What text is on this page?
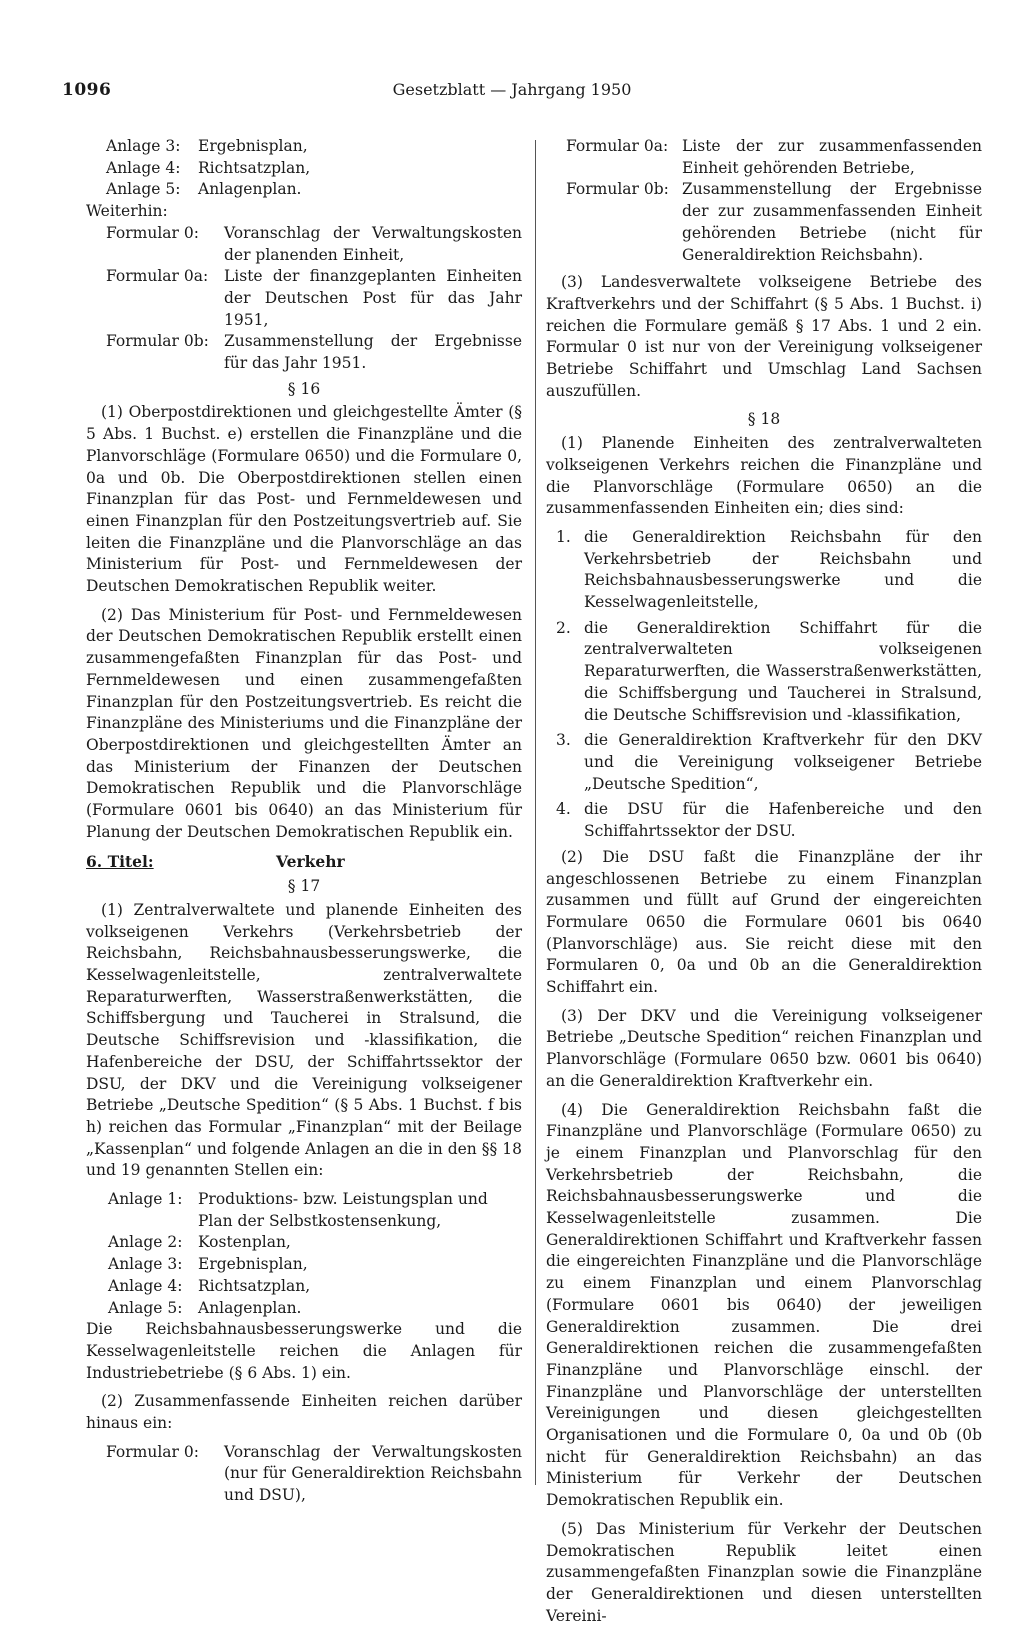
1096	Gesetzblatt — Jahrgang 1950
Anlage 3:	Ergebnisplan,
Anlage 4:	Richtsatzplan,
Anlage 5:	Anlagenplan.
Weiterhin:
Formular 0:	Voranschlag der Verwaltungskosten der planenden Einheit,
Formular 0a:	Liste der finanzgeplanten Einheiten der Deutschen Post für das Jahr 1951,
Formular 0b: Zusammenstellung der Ergebnisse für das Jahr 1951.
§ 16

(1) Oberpostdirektionen und gleichgestellte Ämter (§ 5 Abs. 1 Buchst. e) erstellen die Finanzpläne und die Planvorschläge (Formulare 0650) und die Formulare 0, 0a und 0b. Die Oberpostdirektionen stellen einen Finanzplan für das Post- und Fernmeldewesen und einen Finanzplan für den Postzeitungsvertrieb auf. Sie leiten die Finanzpläne und die Planvorschläge an das Ministerium für Post- und Fernmeldewesen der Deutschen Demokratischen Republik weiter.

(2) Das Ministerium für Post- und Fernmeldewesen der Deutschen Demokratischen Republik erstellt einen zusammengefaßten Finanzplan für das Post- und Fernmeldewesen und einen zusammengefaßten Finanzplan für den Postzeitungsvertrieb. Es reicht die Finanzpläne des Ministeriums und die Finanzpläne der Oberpostdirektionen und gleichgestellten Ämter an das Ministerium der Finanzen der Deutschen Demokratischen Republik und die Planvorschläge (Formulare 0601 bis 0640) an das Ministerium für Planung der Deutschen Demokratischen Republik ein.

6. Titel:	Verkehr
§ 17

(1) Zentralverwaltete und planende Einheiten des volkseigenen Verkehrs (Verkehrsbetrieb der Reichsbahn, Reichsbahnausbesserungswerke, die Kesselwagenleitstelle, zentralverwaltete Reparaturwerften, Wasserstraßenwerkstätten, die Schiffsbergung und Taucherei in Stralsund, die Deutsche Schiffsrevision und -klassifikation, die Hafenbereiche der DSU, der Schiffahrtssektor der DSU, der DKV und die Vereinigung volkseigener Betriebe „Deutsche Spedition“ (§ 5 Abs. 1 Buchst. f bis h) reichen das Formular „Finanzplan“ mit der Beilage „Kassenplan“ und folgende Anlagen an die in den §§ 18 und 19 genannten Stellen ein:

Anlage 1:	Produktions- bzw. Leistungsplan und Plan der Selbstkostensenkung,
Anlage 2:	Kostenplan,
Anlage 3:	Ergebnisplan,
Anlage 4:	Richtsatzplan,
Anlage 5:	Anlagenplan.

Die Reichsbahnausbesserungswerke und die Kesselwagenleitstelle reichen die Anlagen für Industriebetriebe (§ 6 Abs. 1) ein.

(2) Zusammenfassende Einheiten reichen darüber hinaus ein:

Formular 0:	Voranschlag der Verwaltungskosten (nur für Generaldirektion Reichsbahn und DSU),
Formular 0a: Liste der zur zusammenfassenden Einheit gehörenden Betriebe,
Formular 0b: Zusammenstellung der Ergebnisse der zur zusammenfassenden Einheit gehörenden Betriebe (nicht für Generaldirektion Reichsbahn).

(3) Landesverwaltete volkseigene Betriebe des Kraftverkehrs und der Schiffahrt (§ 5 Abs. 1 Buchst. i) reichen die Formulare gemäß § 17 Abs. 1 und 2 ein. Formular 0 ist nur von der Vereinigung volkseigener Betriebe Schiffahrt und Umschlag Land Sachsen auszufüllen.

§ 18

(1) Planende Einheiten des zentralverwalteten volkseigenen Verkehrs reichen die Finanzpläne und die Planvorschläge (Formulare 0650) an die zusammenfassenden Einheiten ein; dies sind:

1. die Generaldirektion Reichsbahn für den Verkehrsbetrieb der Reichsbahn und Reichsbahnausbesserungswerke und die Kesselwagenleitstelle,
2. die Generaldirektion Schiffahrt für die zentralverwalteten volkseigenen Reparaturwerften, die Wasserstraßenwerkstätten, die Schiffsbergung und Taucherei in Stralsund, die Deutsche Schiffsrevision und -klassifikation,
3. die Generaldirektion Kraftverkehr für den DKV und die Vereinigung volkseigener Betriebe „Deutsche Spedition“,
4. die DSU für die Hafenbereiche und den Schiffahrtssektor der DSU.

(2) Die DSU faßt die Finanzpläne der ihr angeschlossenen Betriebe zu einem Finanzplan zusammen und füllt auf Grund der eingereichten Formulare 0650 die Formulare 0601 bis 0640 (Planvorschläge) aus. Sie reicht diese mit den Formularen 0, 0a und 0b an die Generaldirektion Schiffahrt ein.

(3) Der DKV und die Vereinigung volkseigener Betriebe „Deutsche Spedition“ reichen Finanzplan und Planvorschläge (Formulare 0650 bzw. 0601 bis 0640) an die Generaldirektion Kraftverkehr ein.

(4) Die Generaldirektion Reichsbahn faßt die Finanzpläne und Planvorschläge (Formulare 0650) zu je einem Finanzplan und Planvorschlag für den Verkehrsbetrieb der Reichsbahn, die Reichsbahnausbesserungswerke und die Kesselwagenleitstelle zusammen. Die Generaldirektionen Schiffahrt und Kraftverkehr fassen die eingereichten Finanzpläne und die Planvorschläge zu einem Finanzplan und einem Planvorschlag (Formulare 0601 bis 0640) der jeweiligen Generaldirektion zusammen. Die drei Generaldirektionen reichen die zusammengefaßten Finanzpläne und Planvorschläge einschl. der Finanzpläne und Planvorschläge der unterstellten Vereinigungen und diesen gleichgestellten Organisationen und die Formulare 0, 0a und 0b (0b nicht für Generaldirektion Reichsbahn) an das Ministerium für Verkehr der Deutschen Demokratischen Republik ein.

(5) Das Ministerium für Verkehr der Deutschen Demokratischen Republik leitet einen zusammengefaßten Finanzplan sowie die Finanzpläne der Generaldirektionen und diesen unterstellten Vereini-
